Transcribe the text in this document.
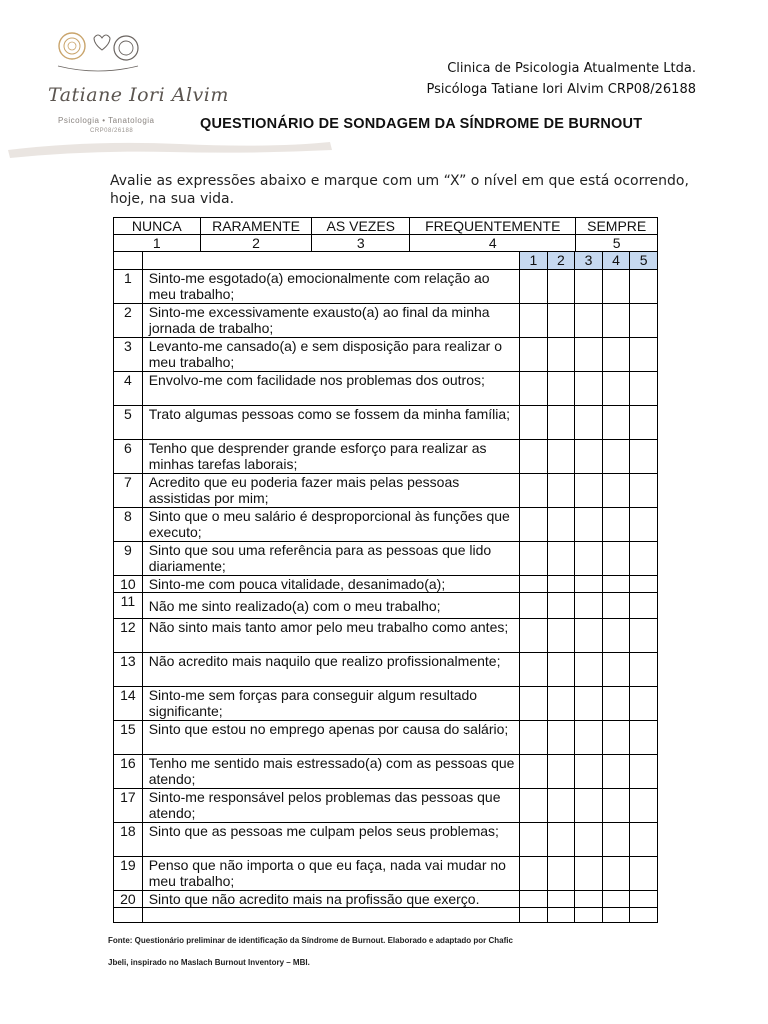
Tatiane Iori Alvim
Psicologia • Tanatologia
CRP08/26188
Clinica de Psicologia Atualmente Ltda.
Psicóloga Tatiane Iori Alvim CRP08/26188
QUESTIONÁRIO DE SONDAGEM DA SÍNDROME DE BURNOUT
Avalie as expressões abaixo e marque com um “X” o nível em que está ocorrendo, hoje, na sua vida.
NUNCA	RARAMENTE	AS VEZES	FREQUENTEMENTE	SEMPRE
1	2	3	4	5
		1	2	3	4	5
1	Sinto-me esgotado(a) emocionalmente com relação ao meu trabalho;					
2	Sinto-me excessivamente exausto(a) ao final da minha jornada de trabalho;					
3	Levanto-me cansado(a) e sem disposição para realizar o meu trabalho;					
4	Envolvo-me com facilidade nos problemas dos outros;					
5	Trato algumas pessoas como se fossem da minha família;					
6	Tenho que desprender grande esforço para realizar as minhas tarefas laborais;					
7	Acredito que eu poderia fazer mais pelas pessoas assistidas por mim;					
8	Sinto que o meu salário é desproporcional às funções que executo;					
9	Sinto que sou uma referência para as pessoas que lido diariamente;					
10	Sinto-me com pouca vitalidade, desanimado(a);					
11	Não me sinto realizado(a) com o meu trabalho;					
12	Não sinto mais tanto amor pelo meu trabalho como antes;					
13	Não acredito mais naquilo que realizo profissionalmente;					
14	Sinto-me sem forças para conseguir algum resultado significante;					
15	Sinto que estou no emprego apenas por causa do salário;					
16	Tenho me sentido mais estressado(a) com as pessoas que atendo;					
17	Sinto-me responsável pelos problemas das pessoas que atendo;					
18	Sinto que as pessoas me culpam pelos seus problemas;					
19	Penso que não importa o que eu faça, nada vai mudar no meu trabalho;					
20	Sinto que não acredito mais na profissão que exerço.					

Fonte: Questionário preliminar de identificação da Síndrome de Burnout. Elaborado e adaptado por Chafic
Jbeli, inspirado no Maslach Burnout Inventory – MBI.
